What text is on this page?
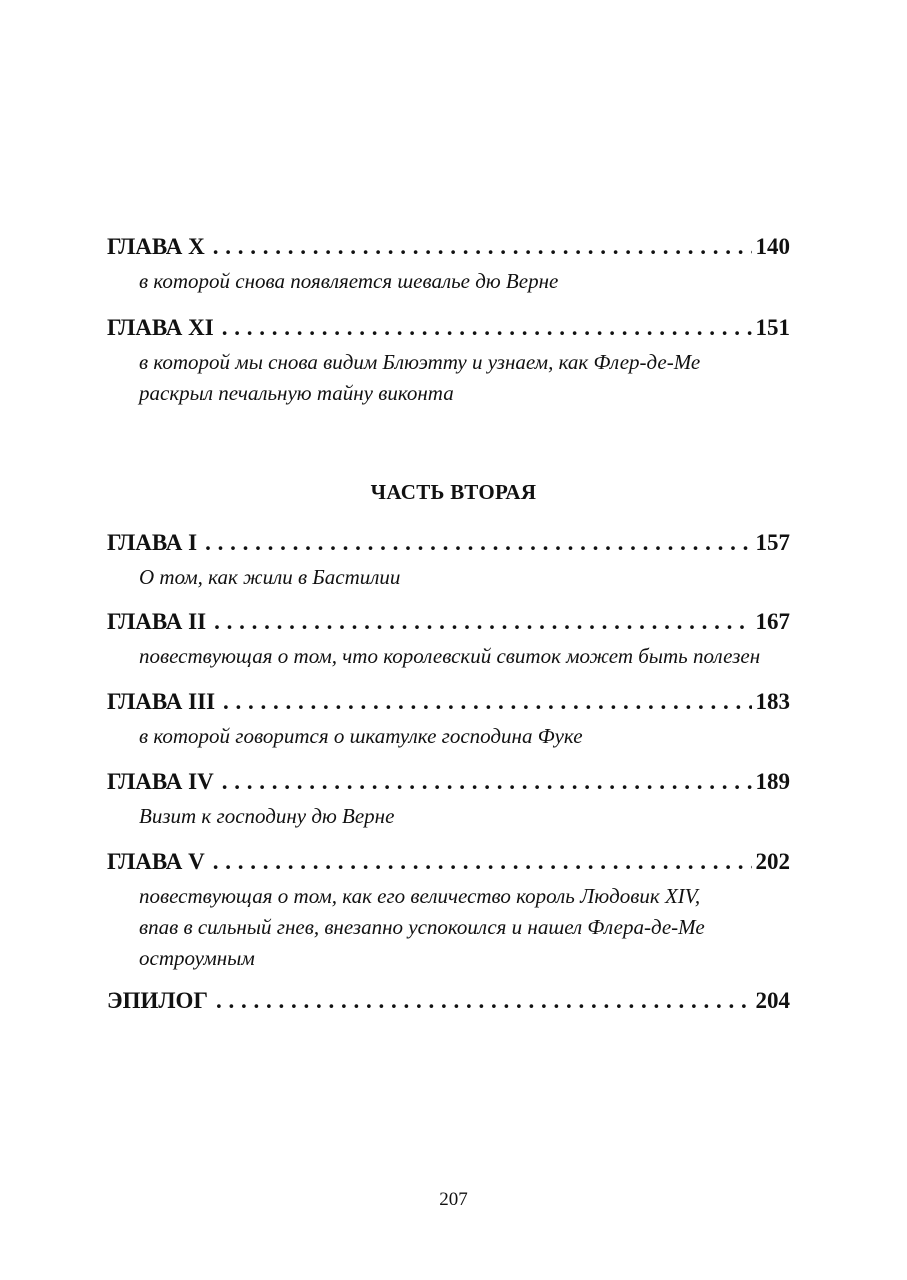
ГЛАВА X . . .	140
в которой снова появляется шевалье дю Верне
ГЛАВА XI . . .	151
в которой мы снова видим Блюэтту и узнаем, как Флер-де-Ме
раскрыл печальную тайну виконта
ЧАСТЬ ВТОРАЯ
ГЛАВА I . . .	157
О том, как жили в Бастилии
ГЛАВА II . . .	167
повествующая о том, что королевский свиток может быть полезен
ГЛАВА III . . .	183
в которой говорится о шкатулке господина Фуке
ГЛАВА IV . . .	189
Визит к господину дю Верне
ГЛАВА V . . .	202
повествующая о том, как его величество король Людовик XIV,
впав в сильный гнев, внезапно успокоился и нашел Флера-де-Ме
остроумным
ЭПИЛОГ . . .	204
207
